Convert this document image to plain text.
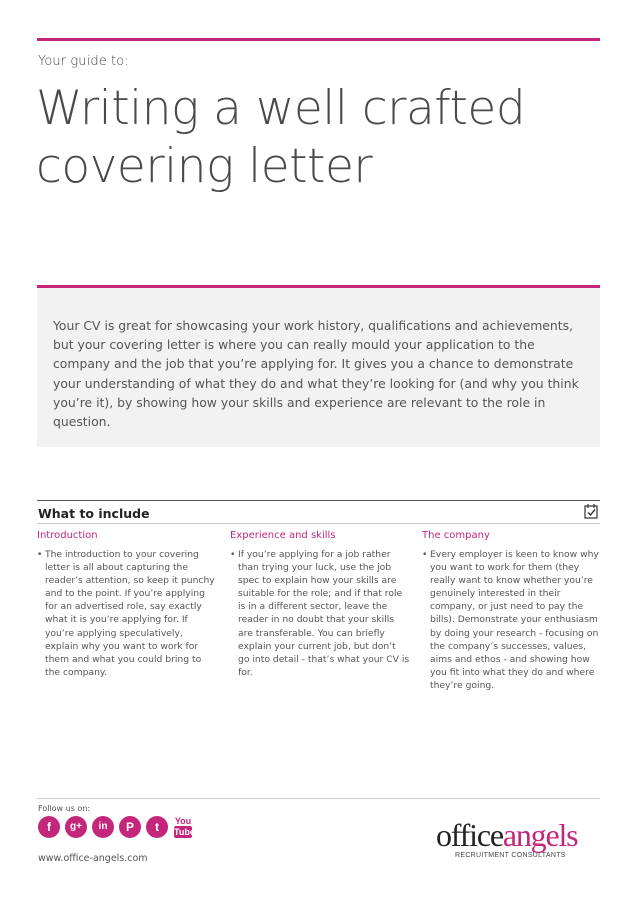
Your guide to:
Writing a well crafted
covering letter

Your CV is great for showcasing your work history, qualifications and achievements, but your covering letter is where you can really mould your application to the company and the job that you’re applying for. It gives you a chance to demonstrate your understanding of what they do and what they’re looking for (and why you think you’re it), by showing how your skills and experience are relevant to the role in question.

What to include
Introduction
• The introduction to your covering letter is all about capturing the reader’s attention, so keep it punchy and to the point. If you’re applying for an advertised role, say exactly what it is you’re applying for. If you’re applying speculatively, explain why you want to work for them and what you could bring to the company.
Experience and skills
• If you’re applying for a job rather than trying your luck, use the job spec to explain how your skills are suitable for the role; and if that role is in a different sector, leave the reader in no doubt that your skills are transferable. You can briefly explain your current job, but don’t go into detail - that’s what your CV is for.
The company
• Every employer is keen to know why you want to work for them (they really want to know whether you’re genuinely interested in their company, or just need to pay the bills). Demonstrate your enthusiasm by doing your research - focusing on the company’s successes, values, aims and ethos - and showing how you fit into what they do and where they’re going.
Follow us on:
f	g+	in	P	t	You
Tube
www.office-angels.com
officeangels
RECRUITMENT CONSULTANTS
